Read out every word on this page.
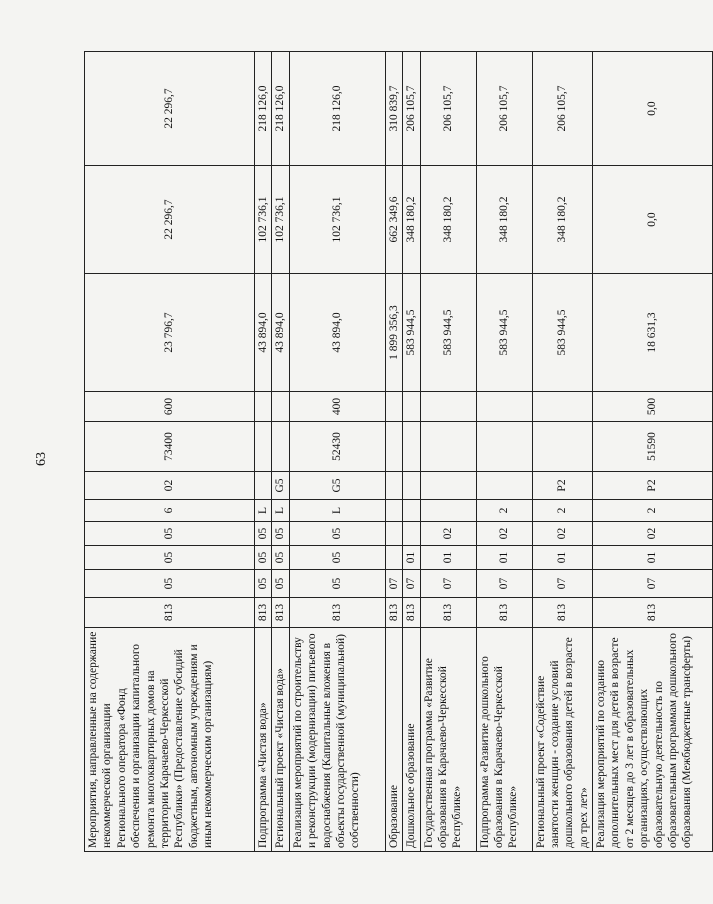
63
Мероприятия, направленные на содержание некоммерческой организации Регионального оператора «Фонд обеспечения и организации капитального ремонта многоквартирных домов на территории Карачаево-Черкесской Республики» (Предоставление субсидий бюджетным, автономным учреждениям и иным некоммерческим организациям)	813	05	05	05	6	02	73400	600	23 796,7	22 296,7	22 296,7
Подпрограмма «Чистая вода»	813	05	05	05	L				43 894,0	102 736,1	218 126,0
Региональный проект «Чистая вода»	813	05	05	05	L	G5			43 894,0	102 736,1	218 126,0
Реализация мероприятий по строительству и реконструкции (модернизации) питьевого водоснабжения (Капитальные вложения в объекты государственной (муниципальной) собственности)	813	05	05	05	L	G5	52430	400	43 894,0	102 736,1	218 126,0
Образование	813	07							1 899 356,3	662 349,6	310 839,7
Дошкольное образование	813	07	01						583 944,5	348 180,2	206 105,7
Государственная программа «Развитие образования в Карачаево-Черкесской Республике»	813	07	01	02					583 944,5	348 180,2	206 105,7
Подпрограмма «Развитие дошкольного образования в Карачаево-Черкесской Республике»	813	07	01	02	2				583 944,5	348 180,2	206 105,7
Региональный проект «Содействие занятости женщин - создание условий дошкольного образования детей в возрасте до трех лет»	813	07	01	02	2	P2			583 944,5	348 180,2	206 105,7
Реализация мероприятий по созданию дополнительных мест для детей в возрасте от 2 месяцев до 3 лет в образовательных организациях, осуществляющих образовательную деятельность по образовательным программам дошкольного образования (Межбюджетные трансферты)	813	07	01	02	2	P2	51590	500	18 631,3	0,0	0,0
